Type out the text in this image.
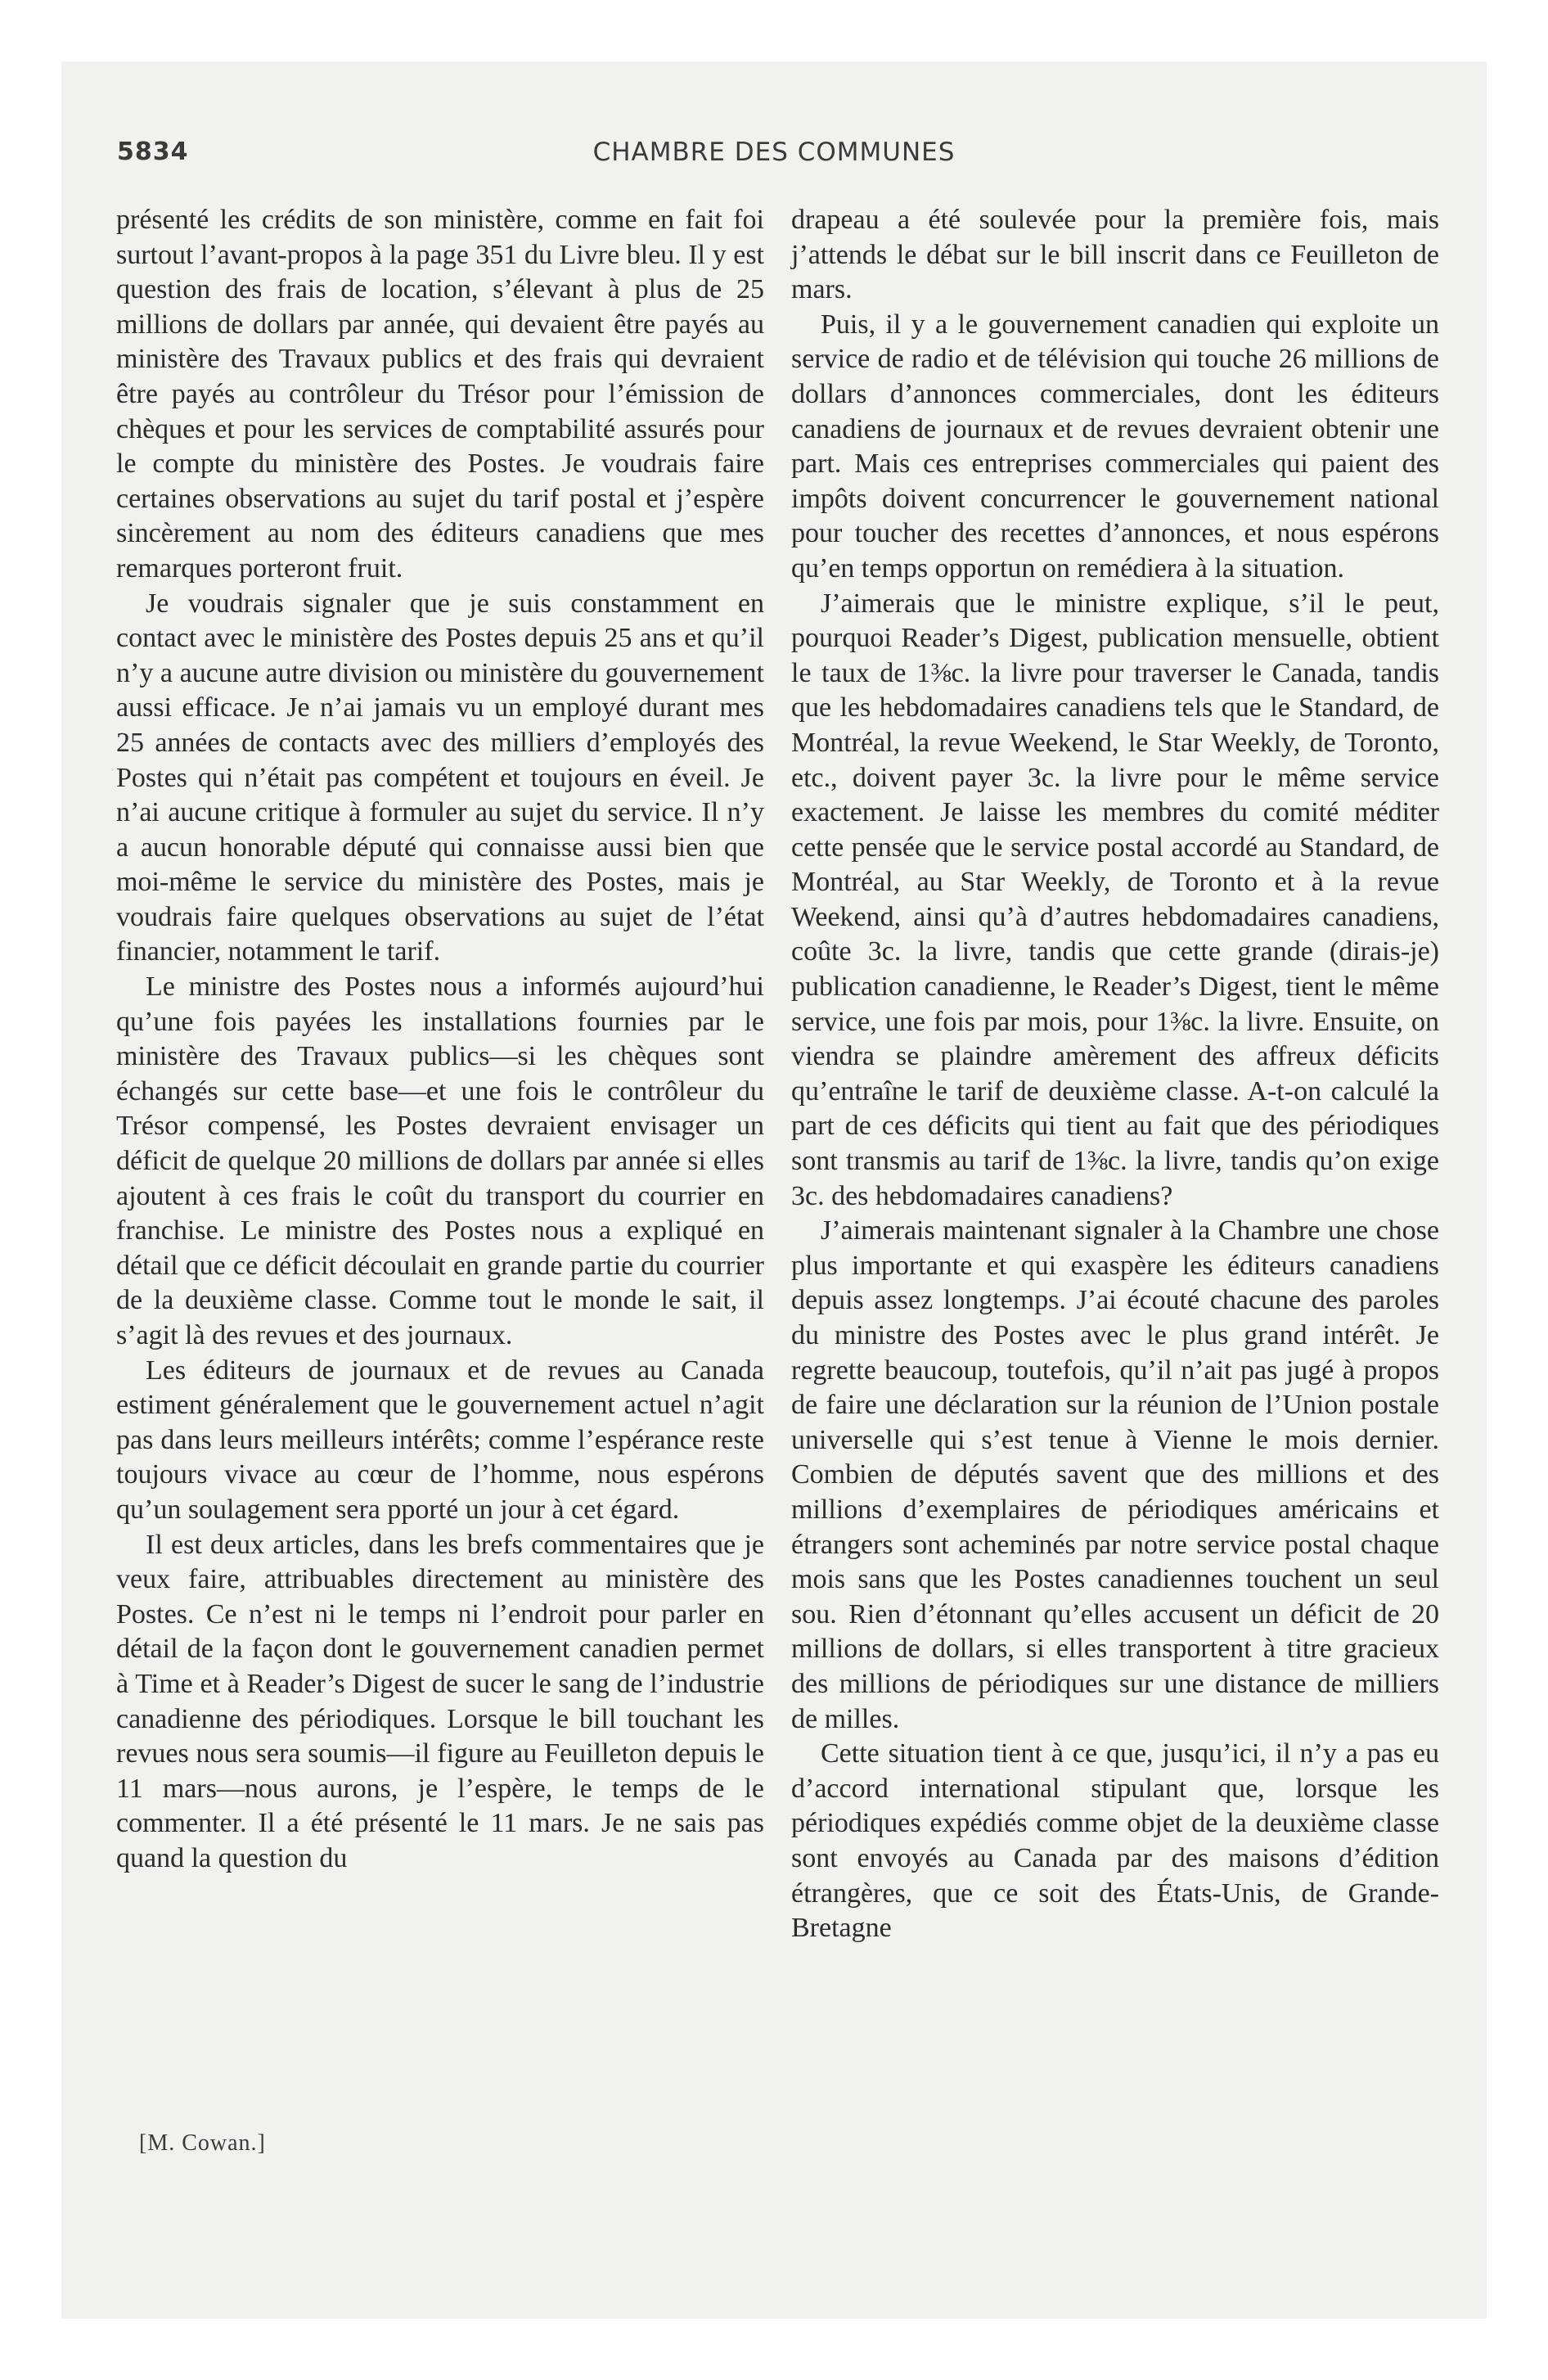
5834	CHAMBRE DES COMMUNES

présenté les crédits de son ministère, comme en fait foi surtout l’avant-propos à la page 351 du Livre bleu. Il y est question des frais de location, s’élevant à plus de 25 millions de dollars par année, qui devaient être payés au ministère des Travaux publics et des frais qui devraient être payés au contrôleur du Trésor pour l’émission de chèques et pour les services de comptabilité assurés pour le compte du ministère des Postes. Je voudrais faire certaines observations au sujet du tarif postal et j’espère sincèrement au nom des éditeurs canadiens que mes remarques porteront fruit.

Je voudrais signaler que je suis constamment en contact avec le ministère des Postes depuis 25 ans et qu’il n’y a aucune autre division ou ministère du gouvernement aussi efficace. Je n’ai jamais vu un employé durant mes 25 années de contacts avec des milliers d’employés des Postes qui n’était pas compétent et toujours en éveil. Je n’ai aucune critique à formuler au sujet du service. Il n’y a aucun honorable député qui connaisse aussi bien que moi-même le service du ministère des Postes, mais je voudrais faire quelques observations au sujet de l’état financier, notamment le tarif.

Le ministre des Postes nous a informés aujourd’hui qu’une fois payées les installations fournies par le ministère des Travaux publics—si les chèques sont échangés sur cette base—et une fois le contrôleur du Trésor compensé, les Postes devraient envisager un déficit de quelque 20 millions de dollars par année si elles ajoutent à ces frais le coût du transport du courrier en franchise. Le ministre des Postes nous a expliqué en détail que ce déficit découlait en grande partie du courrier de la deuxième classe. Comme tout le monde le sait, il s’agit là des revues et des journaux.

Les éditeurs de journaux et de revues au Canada estiment généralement que le gouvernement actuel n’agit pas dans leurs meilleurs intérêts; comme l’espérance reste toujours vivace au cœur de l’homme, nous espérons qu’un soulagement sera pporté un jour à cet égard.

Il est deux articles, dans les brefs commentaires que je veux faire, attribuables directement au ministère des Postes. Ce n’est ni le temps ni l’endroit pour parler en détail de la façon dont le gouvernement canadien permet à Time et à Reader’s Digest de sucer le sang de l’industrie canadienne des périodiques. Lorsque le bill touchant les revues nous sera soumis—il figure au Feuilleton depuis le 11 mars—nous aurons, je l’espère, le temps de le commenter. Il a été présenté le 11 mars. Je ne sais pas quand la question du

drapeau a été soulevée pour la première fois, mais j’attends le débat sur le bill inscrit dans ce Feuilleton de mars.

Puis, il y a le gouvernement canadien qui exploite un service de radio et de télévision qui touche 26 millions de dollars d’annonces commerciales, dont les éditeurs canadiens de journaux et de revues devraient obtenir une part. Mais ces entreprises commerciales qui paient des impôts doivent concurrencer le gouvernement national pour toucher des recettes d’annonces, et nous espérons qu’en temps opportun on remédiera à la situation.

J’aimerais que le ministre explique, s’il le peut, pourquoi Reader’s Digest, publication mensuelle, obtient le taux de 1⅜c. la livre pour traverser le Canada, tandis que les hebdomadaires canadiens tels que le Standard, de Montréal, la revue Weekend, le Star Weekly, de Toronto, etc., doivent payer 3c. la livre pour le même service exactement. Je laisse les membres du comité méditer cette pensée que le service postal accordé au Standard, de Montréal, au Star Weekly, de Toronto et à la revue Weekend, ainsi qu’à d’autres hebdomadaires canadiens, coûte 3c. la livre, tandis que cette grande (dirais-je) publication canadienne, le Reader’s Digest, tient le même service, une fois par mois, pour 1⅜c. la livre. Ensuite, on viendra se plaindre amèrement des affreux déficits qu’entraîne le tarif de deuxième classe. A-t-on calculé la part de ces déficits qui tient au fait que des périodiques sont transmis au tarif de 1⅜c. la livre, tandis qu’on exige 3c. des hebdomadaires canadiens?

J’aimerais maintenant signaler à la Chambre une chose plus importante et qui exaspère les éditeurs canadiens depuis assez longtemps. J’ai écouté chacune des paroles du ministre des Postes avec le plus grand intérêt. Je regrette beaucoup, toutefois, qu’il n’ait pas jugé à propos de faire une déclaration sur la réunion de l’Union postale universelle qui s’est tenue à Vienne le mois dernier. Combien de députés savent que des millions et des millions d’exemplaires de périodiques américains et étrangers sont acheminés par notre service postal chaque mois sans que les Postes canadiennes touchent un seul sou. Rien d’étonnant qu’elles accusent un déficit de 20 millions de dollars, si elles transportent à titre gracieux des millions de périodiques sur une distance de milliers de milles.

Cette situation tient à ce que, jusqu’ici, il n’y a pas eu d’accord international stipulant que, lorsque les périodiques expédiés comme objet de la deuxième classe sont envoyés au Canada par des maisons d’édition étrangères, que ce soit des États-Unis, de Grande-Bretagne

[M. Cowan.]
